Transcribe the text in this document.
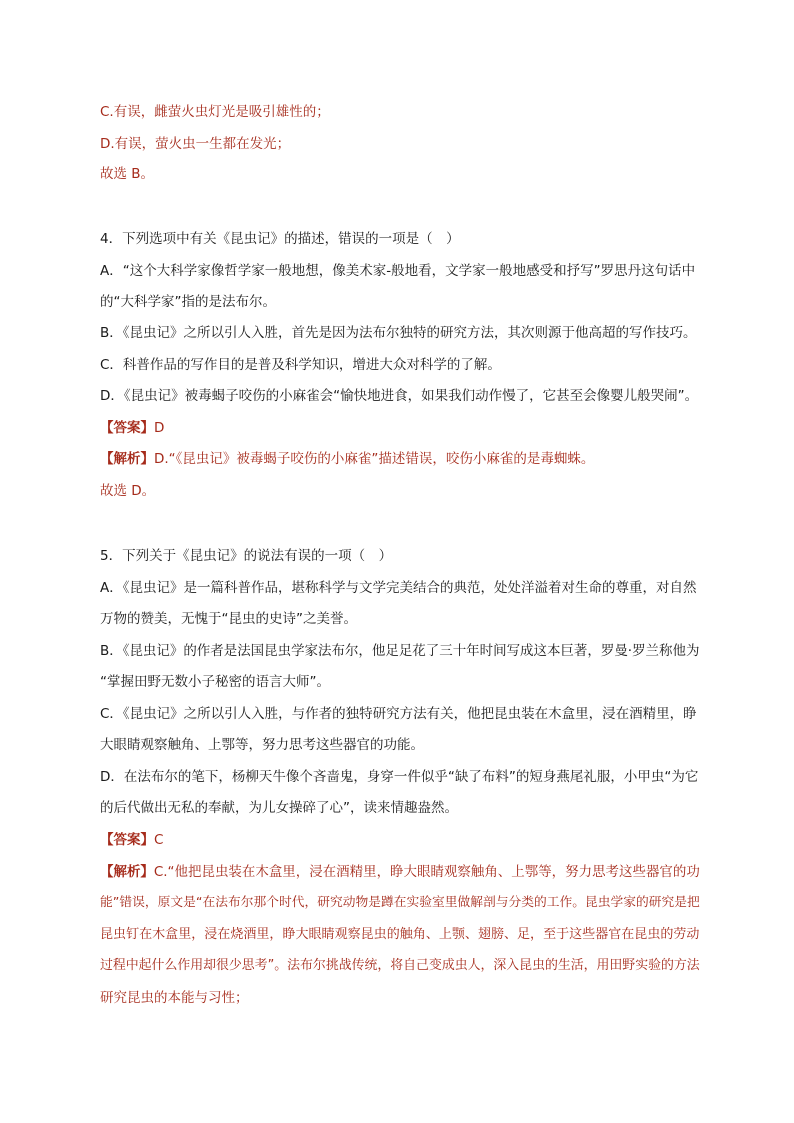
C.有误，雌萤火虫灯光是吸引雄性的；
D.有误，萤火虫一生都在发光；
故选 B。
4．下列选项中有关《昆虫记》的描述，错误的一项是（　）
A．“这个大科学家像哲学家一般地想，像美术家-般地看，文学家一般地感受和抒写”罗思丹这句话中
的“大科学家”指的是法布尔。
B．《昆虫记》之所以引人入胜，首先是因为法布尔独特的研究方法，其次则源于他高超的写作技巧。
C．科普作品的写作目的是普及科学知识，增进大众对科学的了解。
D．《昆虫记》被毒蝎子咬伤的小麻雀会“愉快地进食，如果我们动作慢了，它甚至会像婴儿般哭闹”。
【答案】D
【解析】D.“《昆虫记》被毒蝎子咬伤的小麻雀”描述错误，咬伤小麻雀的是毒蜘蛛。
故选 D。
5．下列关于《昆虫记》的说法有误的一项（　）
A．《昆虫记》是一篇科普作品，堪称科学与文学完美结合的典范，处处洋溢着对生命的尊重，对自然
万物的赞美，无愧于“昆虫的史诗”之美誉。
B．《昆虫记》的作者是法国昆虫学家法布尔，他足足花了三十年时间写成这本巨著，罗曼·罗兰称他为
“掌握田野无数小子秘密的语言大师”。
C．《昆虫记》之所以引人入胜，与作者的独特研究方法有关，他把昆虫装在木盒里，浸在酒精里，睁
大眼睛观察触角、上鄂等，努力思考这些器官的功能。
D．在法布尔的笔下，杨柳天牛像个吝啬鬼，身穿一件似乎“缺了布料”的短身燕尾礼服，小甲虫“为它
的后代做出无私的奉献，为儿女操碎了心”，读来情趣盎然。
【答案】C
【解析】C.“他把昆虫装在木盒里，浸在酒精里，睁大眼睛观察触角、上鄂等，努力思考这些器官的功
能”错误，原文是“在法布尔那个时代，研究动物是蹲在实验室里做解剖与分类的工作。昆虫学家的研究是把
昆虫钉在木盒里，浸在烧酒里，睁大眼睛观察昆虫的触角、上颚、翅膀、足，至于这些器官在昆虫的劳动
过程中起什么作用却很少思考”。法布尔挑战传统，将自己变成虫人，深入昆虫的生活，用田野实验的方法
研究昆虫的本能与习性；
